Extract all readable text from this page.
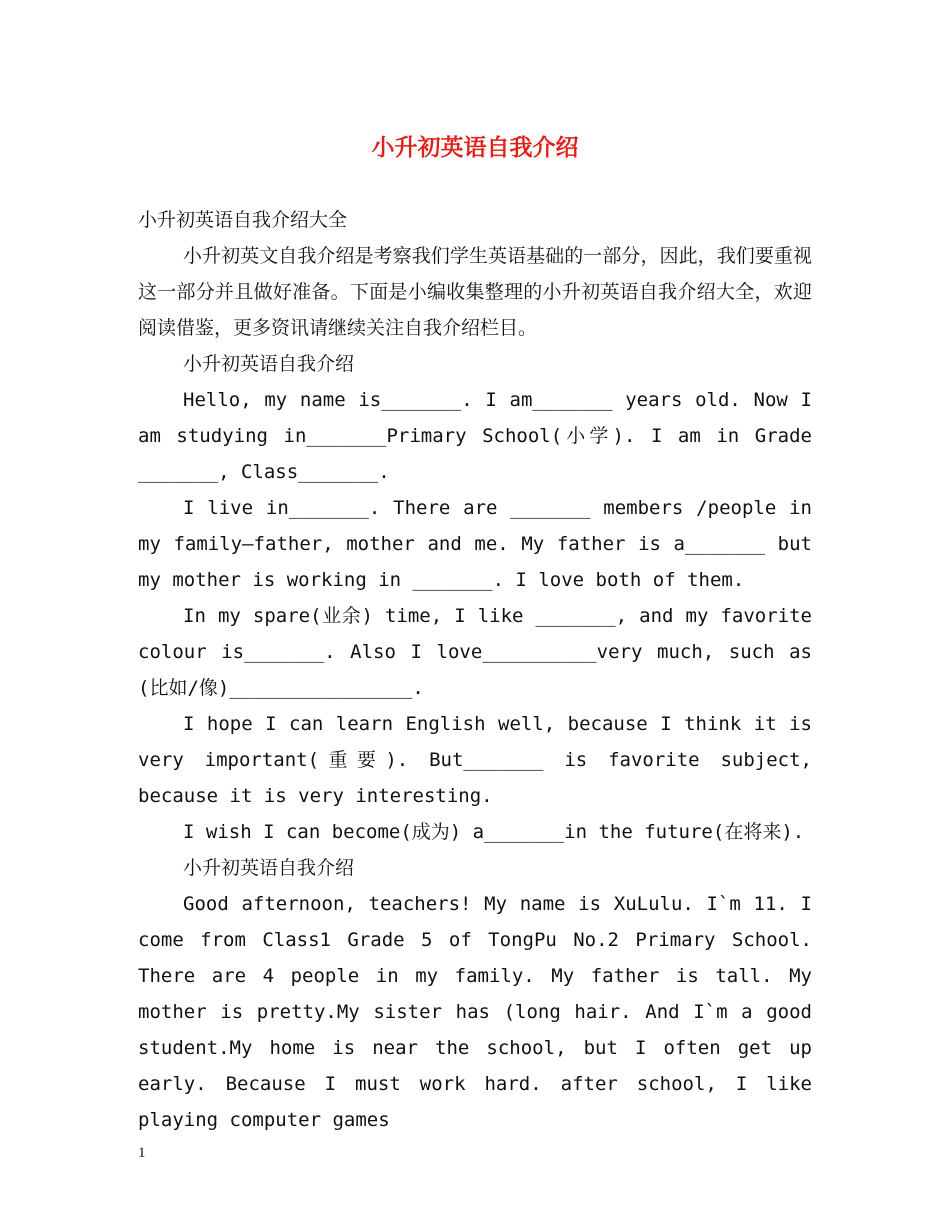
小升初英语自我介绍

小升初英语自我介绍大全

小升初英文自我介绍是考察我们学生英语基础的一部分，因此，我们要重视这一部分并且做好准备。下面是小编收集整理的小升初英语自我介绍大全，欢迎阅读借鉴，更多资讯请继续关注自我介绍栏目。

小升初英语自我介绍

Hello, my name is_______. I am_______ years old. Now I am studying in_______Primary School(小学). I am in Grade _______, Class_______.

I live in_______. There are _______ members /people in my family—father, mother and me. My father is a_______ but my mother is working in _______. I love both of them.

In my spare(业余) time, I like _______, and my favorite colour is_______. Also I love__________very much, such as (比如/像)________________.

I hope I can learn English well, because I think it is very important(重要). But_______ is favorite subject, because it is very interesting.

I wish I can become(成为) a_______in the future(在将来).

小升初英语自我介绍

Good afternoon, teachers! My name is XuLulu. I`m 11. I come from Class1 Grade 5 of TongPu No.2 Primary School. There are 4 people in my family. My father is tall. My mother is pretty.My sister has (long hair. And I`m a good student.My home is near the school, but I often get up early. Because I must work hard. after school, I like playing computer games

1
